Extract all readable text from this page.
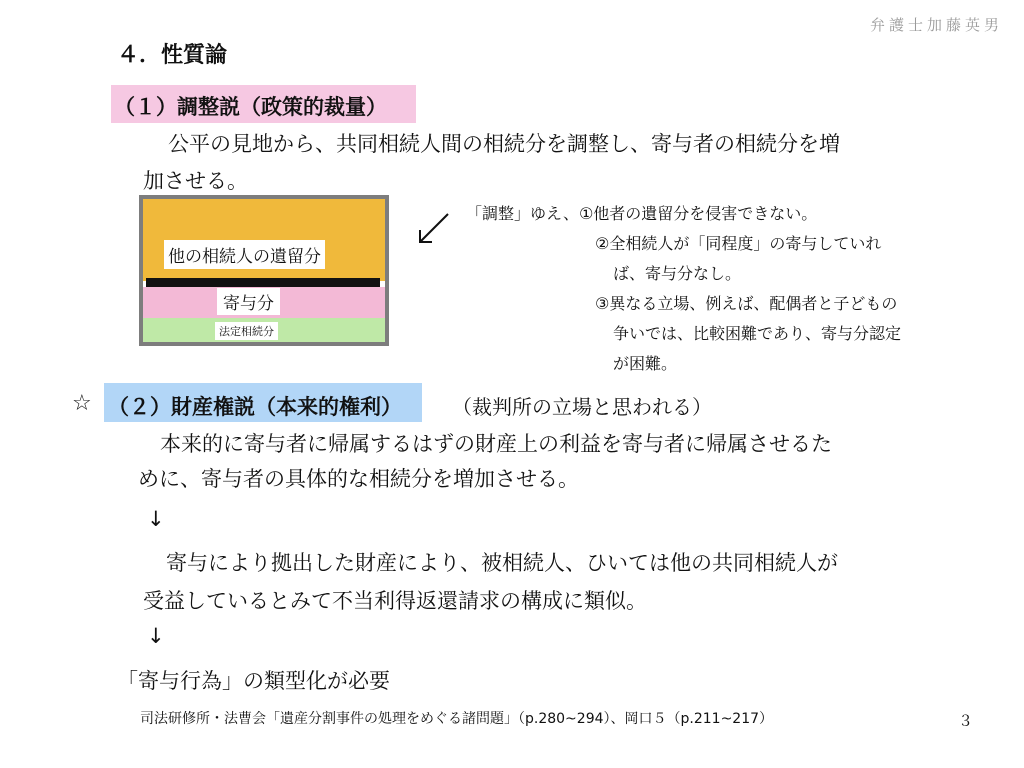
弁護士加藤英男
４．性質論
（１）調整説（政策的裁量）
公平の見地から、共同相続人間の相続分を調整し、寄与者の相続分を増
加させる。
他の相続人の遺留分
寄与分
法定相続分
「調整」ゆえ、①他者の遺留分を侵害できない。
②全相続人が「同程度」の寄与していれ
ば、寄与分なし。
③異なる立場、例えば、配偶者と子どもの
争いでは、比較困難であり、寄与分認定
が困難。
☆ （２）財産権説（本来的権利）	（裁判所の立場と思われる）
本来的に寄与者に帰属するはずの財産上の利益を寄与者に帰属させるた
めに、寄与者の具体的な相続分を増加させる。
↓
寄与により拠出した財産により、被相続人、ひいては他の共同相続人が
受益しているとみて不当利得返還請求の構成に類似。
↓
「寄与行為」の類型化が必要
司法研修所・法曹会「遺産分割事件の処理をめぐる諸問題」（p.280~294）、岡口５（p.211~217）	３
